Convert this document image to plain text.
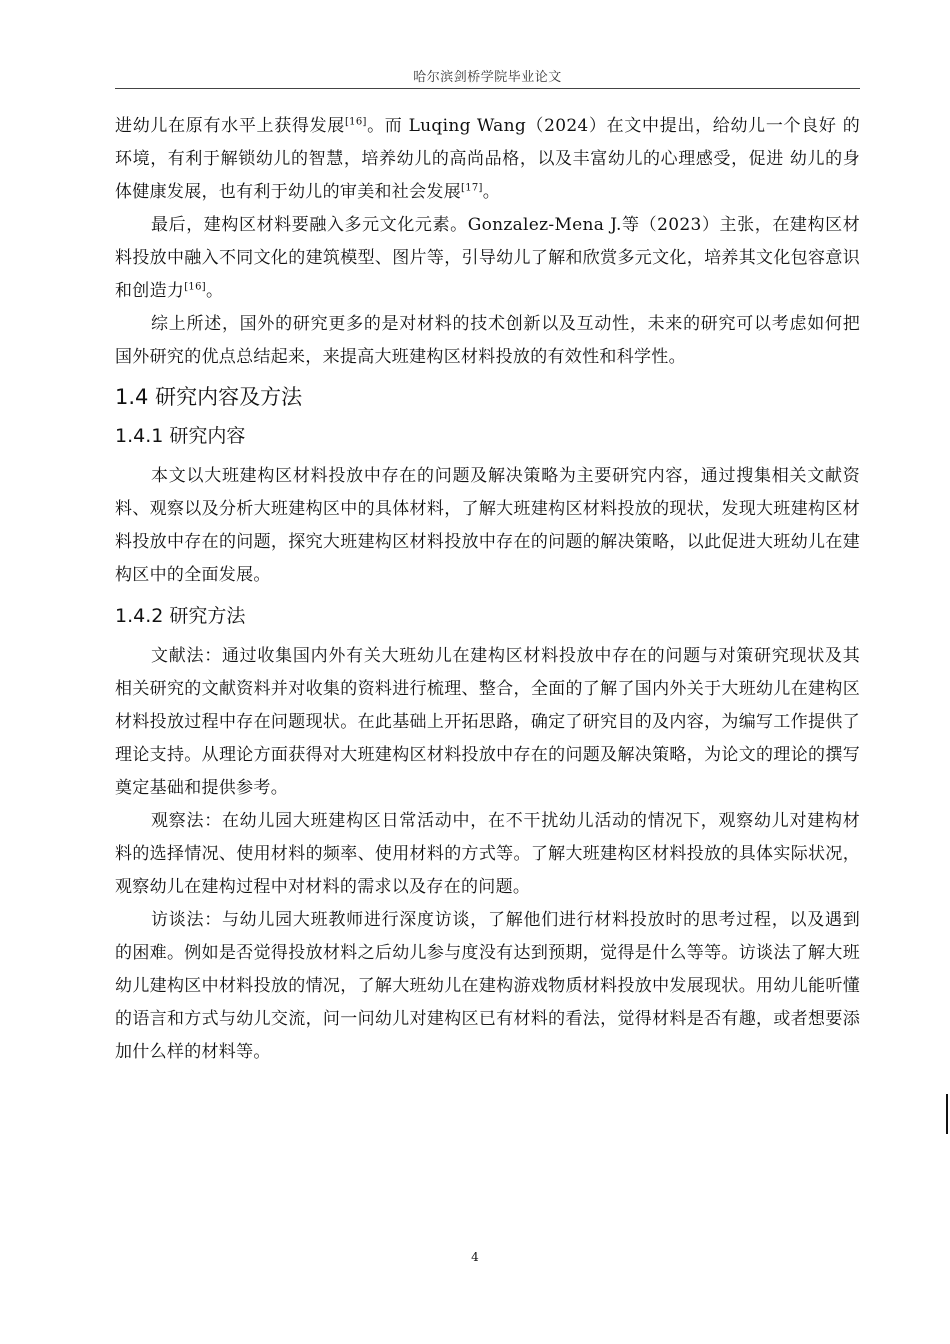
哈尔滨剑桥学院毕业论文

进幼儿在原有水平上获得发展[16]。而 Luqing Wang（2024）在文中提出，给幼儿一个良好 的环境，有利于解锁幼儿的智慧，培养幼儿的高尚品格，以及丰富幼儿的心理感受，促进 幼儿的身体健康发展，也有利于幼儿的审美和社会发展[17]。

最后，建构区材料要融入多元文化元素。Gonzalez-Mena J.等（2023）主张，在建构区材料投放中融入不同文化的建筑模型、图片等，引导幼儿了解和欣赏多元文化，培养其文化包容意识和创造力[16]。

综上所述，国外的研究更多的是对材料的技术创新以及互动性，未来的研究可以考虑如何把国外研究的优点总结起来，来提高大班建构区材料投放的有效性和科学性。

1.4 研究内容及方法
1.4.1 研究内容

本文以大班建构区材料投放中存在的问题及解决策略为主要研究内容，通过搜集相关文献资料、观察以及分析大班建构区中的具体材料，了解大班建构区材料投放的现状，发现大班建构区材料投放中存在的问题，探究大班建构区材料投放中存在的问题的解决策略，以此促进大班幼儿在建构区中的全面发展。

1.4.2 研究方法

文献法：通过收集国内外有关大班幼儿在建构区材料投放中存在的问题与对策研究现状及其相关研究的文献资料并对收集的资料进行梳理、整合，全面的了解了国内外关于大班幼儿在建构区材料投放过程中存在问题现状。在此基础上开拓思路，确定了研究目的及内容，为编写工作提供了理论支持。从理论方面获得对大班建构区材料投放中存在的问题及解决策略，为论文的理论的撰写奠定基础和提供参考。

观察法：在幼儿园大班建构区日常活动中，在不干扰幼儿活动的情况下，观察幼儿对建构材料的选择情况、使用材料的频率、使用材料的方式等。了解大班建构区材料投放的具体实际状况，观察幼儿在建构过程中对材料的需求以及存在的问题。

访谈法：与幼儿园大班教师进行深度访谈，了解他们进行材料投放时的思考过程，以及遇到的困难。例如是否觉得投放材料之后幼儿参与度没有达到预期，觉得是什么等等。访谈法了解大班幼儿建构区中材料投放的情况，了解大班幼儿在建构游戏物质材料投放中发展现状。用幼儿能听懂的语言和方式与幼儿交流，问一问幼儿对建构区已有材料的看法，觉得材料是否有趣，或者想要添加什么样的材料等。

4
